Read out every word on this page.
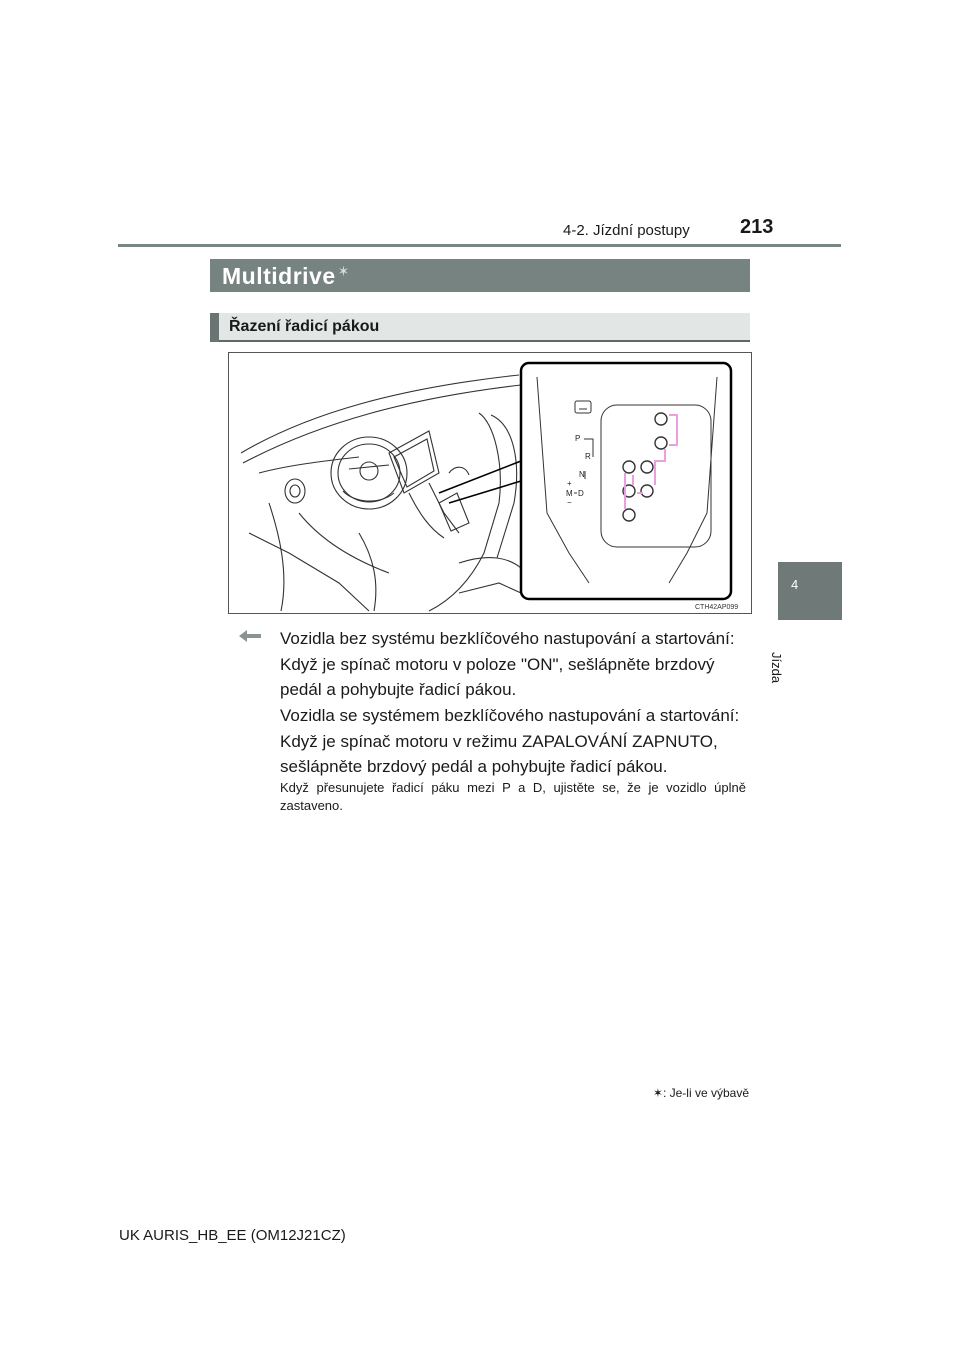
4-2. Jízdní postupy	213
Multidrive ✶
Řazení řadicí pákou
P
R
N
D
M
+
−
CTH42AP099
4
Jízda
Vozidla bez systému bezklíčového nastupování a startování:
Když je spínač motoru v poloze "ON", sešlápněte brzdový pedál a pohybujte řadicí pákou.
Vozidla se systémem bezklíčového nastupování a startování:
Když je spínač motoru v režimu ZAPALOVÁNÍ ZAPNUTO, sešlápněte brzdový pedál a pohybujte řadicí pákou.
Když přesunujete řadicí páku mezi P a D, ujistěte se, že je vozidlo úplně zastaveno.
✶: Je-li ve výbavě
UK AURIS_HB_EE (OM12J21CZ)
